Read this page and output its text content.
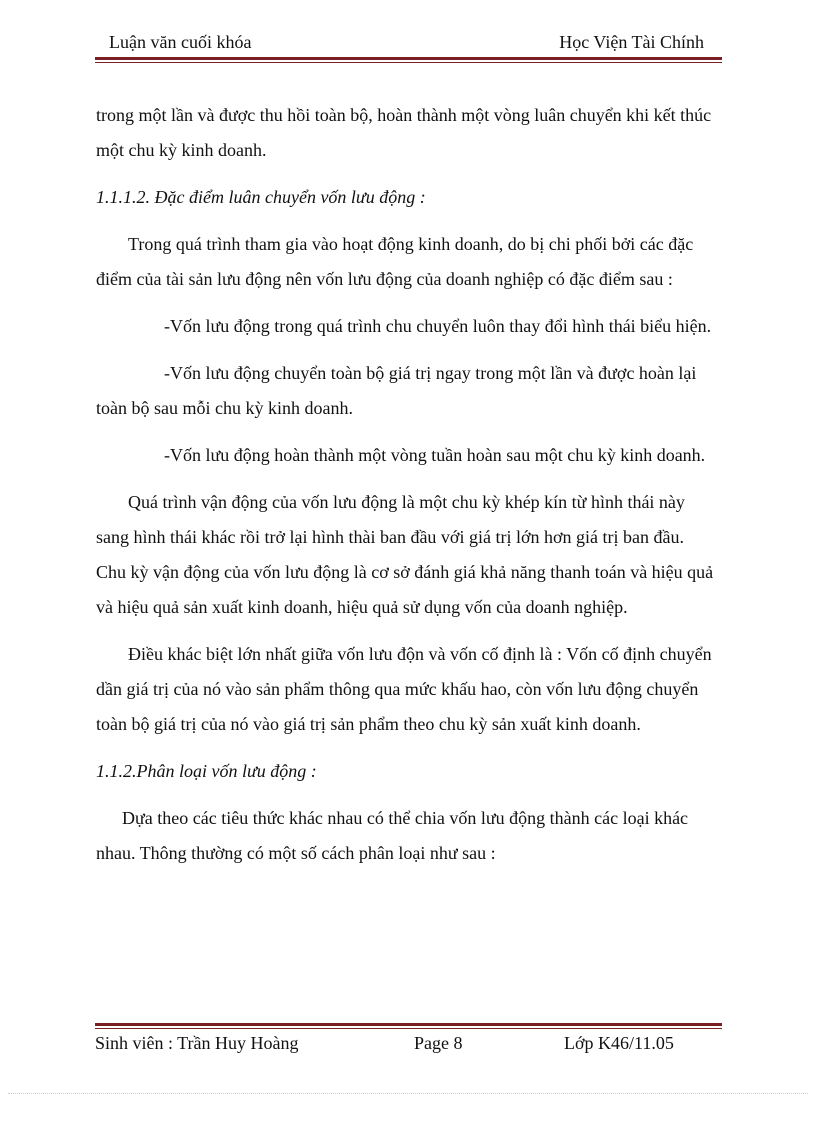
Luận văn cuối khóa	Học Viện Tài Chính

trong một lần và được thu hồi toàn bộ, hoàn thành một vòng luân chuyển khi kết thúc một chu kỳ kinh doanh.

1.1.1.2. Đặc điểm luân chuyển vốn lưu động :

Trong quá trình tham gia vào hoạt động kinh doanh, do bị chi phối bởi các đặc điểm của tài sản lưu động nên vốn lưu động của doanh nghiệp có đặc điểm sau :

-Vốn lưu động trong quá trình chu chuyển luôn thay đổi hình thái biểu hiện.

-Vốn lưu động chuyển toàn bộ giá trị ngay trong một lần và được hoàn lại toàn bộ sau mỗi chu kỳ kinh doanh.

-Vốn lưu động hoàn thành một vòng tuần hoàn sau một chu kỳ kinh doanh.

Quá trình vận động của vốn lưu động là một chu kỳ khép kín từ hình thái này sang hình thái khác rồi trở lại hình thài ban đầu với giá trị lớn hơn giá trị ban đầu. Chu kỳ vận động của vốn lưu động là cơ sở đánh giá khả năng thanh toán và hiệu quả và hiệu quả sản xuất kinh doanh, hiệu quả sử dụng vốn của doanh nghiệp.

Điều khác biệt lớn nhất giữa vốn lưu độn và vốn cố định là : Vốn cố định chuyển dần giá trị của nó vào sản phẩm thông qua mức khấu hao, còn vốn lưu động chuyển toàn bộ giá trị của nó vào giá trị sản phẩm theo chu kỳ sản xuất kinh doanh.

1.1.2.Phân loại vốn lưu động :

Dựa theo các tiêu thức khác nhau có thể chia vốn lưu động thành các loại khác nhau. Thông thường có một số cách phân loại như sau :

Sinh viên : Trần Huy Hoàng	Page 8	Lớp K46/11.05
